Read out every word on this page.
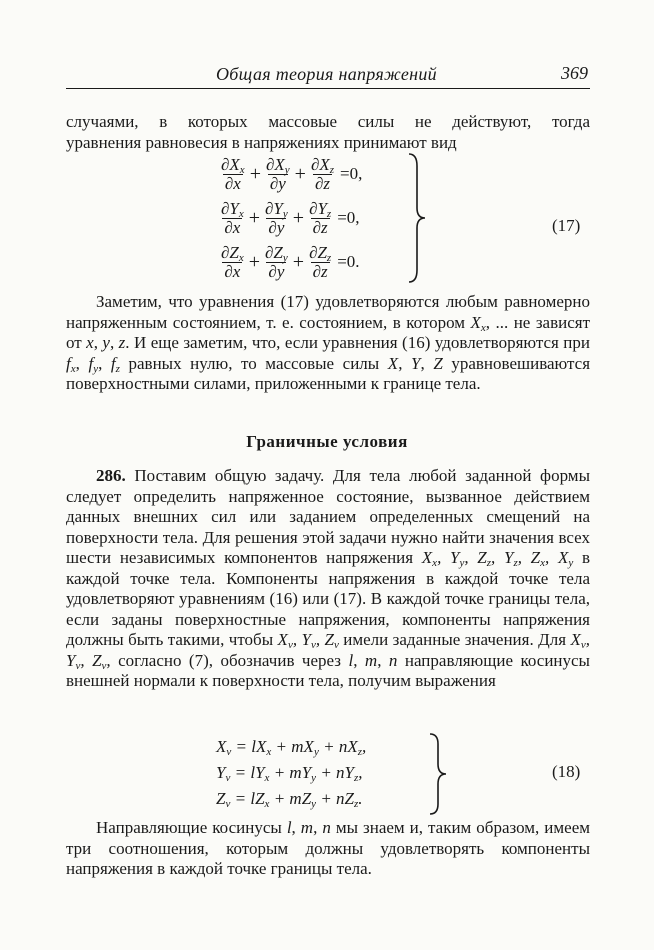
Общая теория напряжений	369

случаями, в которых массовые силы не действуют, тогда

уравнения равновесия в напряжениях принимают вид

$\frac{\partial X_x}{\partial x} + \frac{\partial X_y}{\partial y} + \frac{\partial X_z}{\partial z} = 0$,
$\frac{\partial Y_x}{\partial x} + \frac{\partial Y_y}{\partial y} + \frac{\partial Y_z}{\partial z} = 0$,
$\frac{\partial Z_x}{\partial x} + \frac{\partial Z_y}{\partial y} + \frac{\partial Z_z}{\partial z} = 0$.
(17)

Заметим, что уравнения (17) удовлетворяются любым равномерно напряженным состоянием, т. е. состоянием, в котором $X_x$, ... не зависят от x, y, z. И еще заметим, что, если уравнения (16) удовлетворяются при $f_x$, $f_y$, $f_z$ равных нулю, то массовые силы X, Y, Z уравновешиваются поверхностными силами, приложенными к границе тела.

Граничные условия

286. Поставим общую задачу. Для тела любой заданной формы следует определить напряженное состояние, вызванное действием данных внешних сил или заданием определенных смещений на поверхности тела. Для решения этой задачи нужно найти значения всех шести независимых компонентов напряжения $X_x$, $Y_y$, $Z_z$, $Y_z$, $Z_x$, $X_y$ в каждой точке тела. Компоненты напряжения в каждой точке тела удовлетворяют уравнениям (16) или (17). В каждой точке границы тела, если заданы поверхностные напряжения, компоненты напряжения должны быть такими, чтобы $X_\nu$, $Y_\nu$, $Z_\nu$ имели заданные значения. Для $X_\nu$, $Y_\nu$, $Z_\nu$, согласно (7), обозначив через l, m, n направляющие косинусы внешней нормали к поверхности тела, получим выражения

$X_\nu = lX_x + mX_y + nX_z$,
$Y_\nu = lY_x + mY_y + nY_z$,
$Z_\nu = lZ_x + mZ_y + nZ_z$.
(18)

Направляющие косинусы l, m, n мы знаем и, таким образом, имеем три соотношения, которым должны удовлетворять компоненты напряжения в каждой точке границы тела.
